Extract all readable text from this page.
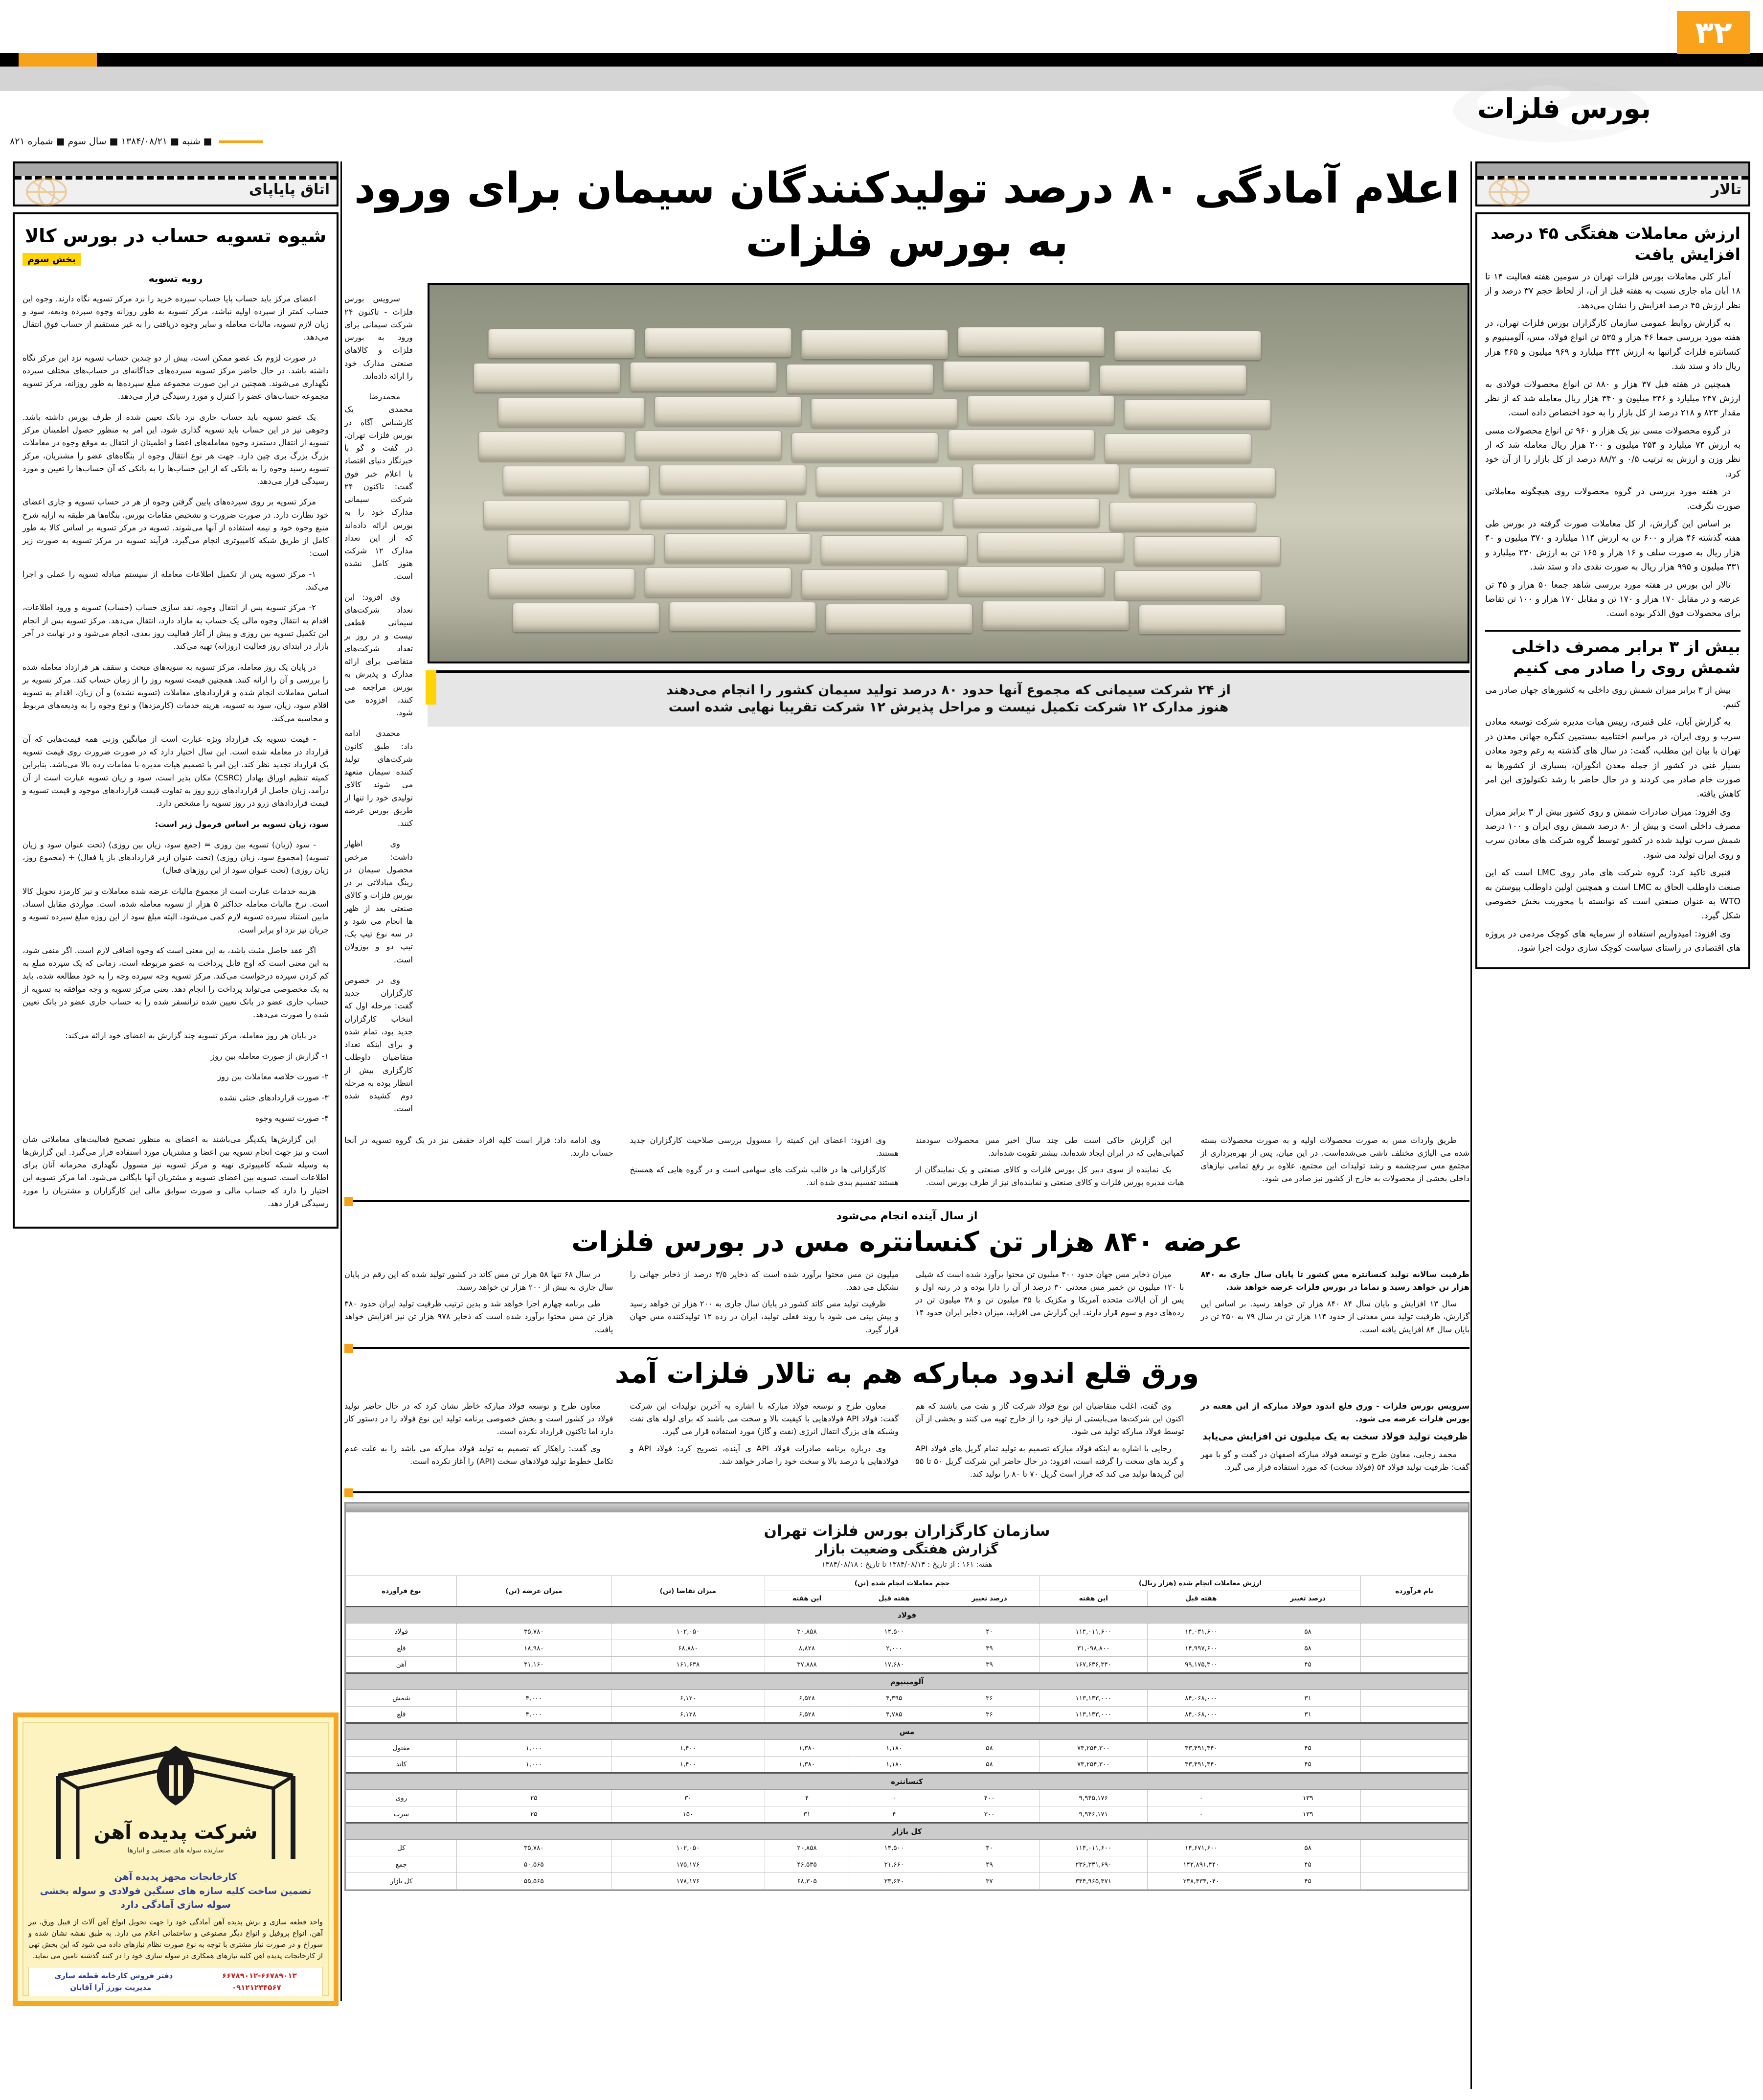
۳۲
بورس فلزات
■ شنبه ■ ۱۳۸۴/۰۸/۲۱ ■ سال سوم ■ شماره ۸۲۱
اتاق پایاپای
شیوه تسویه حساب در بورس کالا
بخش سوم
رویه تسویه

اعضای مرکز باید حساب پایا حساب سپرده خرید را نزد مرکز تسویه نگاه دارند. وجوه این حساب کمتر از سپرده اولیه نباشد، مرکز تسویه به طور روزانه وجوه سپرده ودیعه، سود و زیان لازم تسویه، مالیات معامله و سایر وجوه دریافتی را به غیر مستقیم از حساب فوق انتقال می‌دهد.

در صورت لزوم یک عضو ممکن است، بیش از دو چندین حساب تسویه نزد این مرکز نگاه داشته باشد. در حال حاضر مرکز تسویه سپرده‌های جداگانه‌ای در حساب‌های مختلف سپرده نگهداری می‌شوند. همچنین در این صورت مجموعه مبلغ سپرده‌ها به طور روزانه، مرکز تسویه مجموعه حساب‌های عضو را کنترل و مورد رسیدگی قرار می‌دهد.

یک عضو تسویه باید حساب جاری نزد بانک تعیین شده از طرف بورس داشته باشد. وجوهی نیز در این حساب باید تسویه گذاری شود، این امر به منظور حصول اطمینان مرکز تسویه از انتقال دستمزد وجوه معامله‌های اعضا و اطمینان از انتقال به موقع وجوه در معاملات بزرگ بزرگ بری چپن دارد. جهت هر نوع انتقال وجوه از بنگاه‌های عضو را مشتریان، مرکز تسویه رسید وجوه را به بانکی که از این حساب‌ها را به بانکی که آن حساب‌ها را تعیین و مورد رسیدگی قرار می‌دهد.

مرکز تسویه بر روی سپرده‌های پایین گرفتن وجوه از هر در حساب تسویه و جاری اعضای خود نظارت دارد. در صورت ضرورت و تشخیص مقامات بورس، بنگاه‌ها هر طبقه به ارایه شرح منبع وجوه خود و نیمه استفاده از آنها می‌شوند. تسویه در مرکز تسویه بر اساس کالا به طور کامل از طریق شبکه کامپیوتری انجام می‌گیرد. فرآیند تسویه در مرکز تسویه به صورت زیر است:

۱- مرکز تسویه پس از تکمیل اطلاعات معامله از سیستم مبادله تسویه را عملی و اجرا می‌کند.

۲- مرکز تسویه پس از انتقال وجوه، نقد سازی حساب (حساب) تسویه و ورود اطلاعات، اقدام به انتقال وجوه مالی یک حساب به مازاد دارد، انتقال می‌دهد. مرکز تسویه پس از انجام این تکمیل تسویه بین روزی و پیش از آغاز فعالیت روز بعدی، انجام می‌شود و در نهایت در آخر بازار در ابتدای روز فعالیت (روزانه) تهیه می‌کند.

در پایان یک روز معامله، مرکز تسویه به سویه‌های مبحث و سقف هر قرارداد معامله شده را بررسی و آن را ارائه کنند. همچنین قیمت تسویه روز را از زمان حساب کند. مرکز تسویه بر اساس معاملات انجام شده و قراردادهای معاملات (تسویه نشده) و آن زیان، اقدام به تسویه اقلام سود، زیان، سود به تسویه، هزینه خدمات (کارمزدها) و نوع وجوه را به ودیعه‌های مربوط و محاسبه می‌کند.

- قیمت تسویه یک قرارداد ویژه عبارت است از میانگین وزنی همه قیمت‌هایی که آن قرارداد در معامله شده است. این سال اختیار دارد که در صورت ضرورت روی قیمت تسویه یک قرارداد تجدید نظر کند. این امر با تصمیم هیات مدیره با مقامات رده بالا می‌باشد. بنابراین کمیته تنظیم اوراق بهادار (CSRC) مکان پذیر است، سود و زیان تسویه عبارت است از آن درآمد، زیان حاصل از قراردادهای زرو روز به تفاوت قیمت قراردادهای موجود و قیمت تسویه و قیمت قراردادهای زرو در روز تسویه را مشخص دارد.

سود، زیان تسویه بر اساس فرمول زیر است:

- سود (زیان) تسویه بین روزی = (جمع سود، زیان بین روزی) (تحت عنوان سود و زیان تسویه) (مجموع سود، زیان روزی) (تحت عنوان ازدر قراردادهای باز یا فعال) + (مجموع روز، زیان روزی) (تحت عنوان سود از این روزهای فعال)

هزینه خدمات عبارت است از مجموع مالیات عرضه شده معاملات و نیز کارمزد تحویل کالا است. نرخ مالیات معامله حداکثر ۵ هزار از تسویه معامله شده، است. مواردی مقابل استناد، مابین استناد سپرده تسویه لازم کمی می‌شود، البته مبلغ سود از این روزه مبلغ سپرده تسویه و جریان نیز نزد او برابر است.

اگر عقد حاصل مثبت باشد، به این معنی است که وجوه اضافی لازم است. اگر منفی شود، به این معنی است که اوج قابل پرداخت به عضو مربوطه است، زمانی که یک سپرده مبلغ به کم کردن سپرده درخواست می‌کند. مرکز تسویه وجه سپرده وجه را به خود مطالعه شده، باید به یک مخصوصی می‌تواند پرداخت را انجام دهد. یعنی مرکز تسویه و وجه موافقه به تسویه از حساب جاری عضو در بانک تعیین شده ترانسفر شده را به حساب جاری عضو در بانک تعیین شده را صورت می‌دهد.

در پایان هر روز معامله، مرکز تسویه چند گزارش به اعضای خود ارائه می‌کند:

۱- گزارش از صورت معامله بین روز

۲- صورت خلاصه معاملات بین روز

۳- صورت قراردادهای خنثی نشده

۴- صورت تسویه وجوه

این گزارش‌ها یکدیگر می‌باشند به اعضای به منظور تصحیح فعالیت‌های معاملاتی شان است و نیز جهت انجام تسویه بین اعضا و مشتریان مورد استفاده قرار می‌گیرد. این گزارش‌ها به وسیله شبکه کامپیوتری تهیه و مرکز تسویه نیز مسوول نگهداری محرمانه آنان برای اطلاعات است. تسویه بین اعضای تسویه و مشتریان آنها بایگانی می‌شود. اما مرکز تسویه این اختیار را دارد که حساب مالی و صورت سوابق مالی این کارگزاران و مشتریان را مورد رسیدگی قرار دهد.

شرکت پدیده آهن
سازنده سوله های صنعتی و انبارها
کارخانجات مجهز پدیده آهن
تضمین ساخت کلیه سازه های سنگین فولادی و سوله بخشی
سوله سازی آمادگی دارد
واحد قطعه سازی و برش پدیده آهن آمادگی خود را جهت تحویل انواع آهن آلات از قبیل ورق، تیر آهن، انواع پروفیل و انواع دیگر مصنوعی و ساختمانی اعلام می دارد. به طبق نقشه نشان شده و سوراخ و در صورت نیاز مشتری با توجه به نوع صورت نظام نیازهای داده می شود که این بخش تهی از کارخانجات پدیده آهن کلیه نیازهای همکاری در سوله سازی خود را در کنند گذشته تامین می نماید.
۶۶۷۸۹۰۱۲-۶۶۷۸۹۰۱۳
دفتر فروش کارخانه قطعه سازی
۰۹۱۲۱۲۳۴۵۶۷
مدیریت بورز آرا آقایان
اعلام آمادگی ۸۰ درصد تولیدکنندگان سیمان برای ورود به بورس فلزات

از ۲۴ شرکت سیمانی که مجموع آنها حدود ۸۰ درصد تولید سیمان کشور را انجام می‌دهند

هنوز مدارک ۱۲ شرکت تکمیل نیست و مراحل پذیرش ۱۲ شرکت تقریبا نهایی شده است

سرویس بورس فلزات - تاکنون ۲۴ شرکت سیمانی برای ورود به بورس فلزات و کالاهای صنعتی مدارک خود را ارائه داده‌اند.

محمدرضا محمدی یک کارشناس آگاه در بورس فلزات تهران، در گفت و گو با خبرنگار دنیای اقتصاد با اعلام خبر فوق گفت: تاکنون ۲۴ شرکت سیمانی مدارک خود را به بورس ارائه داده‌اند که از این تعداد مدارک ۱۲ شرکت هنوز کامل نشده است.

وی افزود: این تعداد شرکت‌های سیمانی قطعی نیست و در روز بر تعداد شرکت‌های متقاضی برای ارائه مدارک و پذیرش به بورس مراجعه می کنند، افزوده می شود.

محمدی ادامه داد: طبق کانون شرکت‌های تولید کننده سیمان متعهد می شوند کالای تولیدی خود را تنها از طریق بورس عرضه کنند.

وی اظهار داشت: مرخص محصول سیمان در رینگ مبادلاتی بر در بورس فلزات و کالای صنعتی بعد از ظهر ها انجام می شود و در سه نوع تیپ یک، تیپ دو و پوزولان است.

وی در خصوص کارگزاران جدید گفت: مرحله اول که انتخاب کارگزاران جدید بود، تمام شده و برای اینکه تعداد متقاضیان داوطلب کارگزاری بیش از انتظار بوده به مرحله دوم کشیده شده است.

طریق واردات مس به صورت محصولات اولیه و به صورت محصولات بسته شده می الیاژی مختلف ناشی می‌شده‌است. در این میان، پس از بهره‌برداری از مجتمع مس سرچشمه و رشد تولیدات این مجتمع، علاوه بر رفع تمامی نیازهای داخلی بخشی از محصولات به خارج از کشور نیز صادر می شود.

این گزارش حاکی است طی چند سال اخیر مس محصولات سودمند کمپانی‌هایی که در ایران ایجاد شده‌اند، بیشتر تقویت شده‌اند.

یک نماینده از سوی دبیر کل بورس فلزات و کالای صنعتی و یک نمایندگان از هیات مدیره بورس فلزات و کالای صنعتی و نماینده‌ای نیز از طرف بورس است.

وی افزود: اعضای این کمیته را مسوول بررسی صلاحیت کارگزاران جدید هستند.

کارگزارانی ها در قالب شرکت های سهامی است و در گروه هایی که همسنخ هستند تقسیم بندی شده اند.

وی ادامه داد: قرار است کلیه افراد حقیقی نیز در یک گروه تسویه در آنجا حساب دارند.

از سال آینده انجام می‌شود
عرضه ۸۴۰ هزار تن کنسانتره مس در بورس فلزات

ظرفیت سالانه تولید کنسانتره مس کشور تا پایان سال جاری به ۸۴۰ هزار تن خواهد رسید و تماما در بورس فلزات عرضه خواهد شد.

سال ۱۳ افزایش و پایان سال ۸۴ ۸۴۰ هزار تن خواهد رسید. بر اساس این گزارش، ظرفیت تولید مس معدنی از حدود ۱۱۴ هزار تن در سال ۷۹ به ۲۵۰ تن در پایان سال ۸۴ افزایش یافته است.

میزان ذخایر مس جهان حدود ۴۰۰ میلیون تن محتوا برآورد شده است که شیلی با ۱۲۰ میلیون تن خمیر مس معدنی ۳۰ درصد از آن را دارا بوده و در رتبه اول و پس از آن ایالات متحده آمریکا و مکزیک با ۳۵ میلیون تن و ۳۸ میلیون تن در رده‌های دوم و سوم قرار دارند. این گزارش می افزاید، میزان ذخایر ایران حدود ۱۴ میلیون تن مس محتوا برآورد شده است که ذخایر ۳/۵ درصد از ذخایر جهانی را تشکیل می دهد.

ظرفیت تولید مس کاتد کشور در پایان سال جاری به ۲۰۰ هزار تن خواهد رسید و پیش بینی می شود با روند فعلی تولید، ایران در رده ۱۲ تولیدکننده مس جهان قرار گیرد.

در سال ۶۸ تنها ۵۸ هزار تن مس کاتد در کشور تولید شده که این رقم در پایان سال جاری به بیش از ۲۰۰ هزار تن خواهد رسید.

طی برنامه چهارم اجرا خواهد شد و بدین ترتیب ظرفیت تولید ایران حدود ۳۸۰ هزار تن مس محتوا برآورد شده است که ذخایر ۹۷۸ هزار تن نیز افزایش خواهد یافت.

ورق قلع اندود مبارکه هم به تالار فلزات آمد

سرویس بورس فلزات - ورق قلع اندود فولاد مبارکه از این هفته در بورس فلزات عرضه می شود.

ظرفیت تولید فولاد سخت به یک میلیون تن افزایش می‌یابد

محمد رجایی، معاون طرح و توسعه فولاد مبارکه اصفهان در گفت و گو با مهر گفت: ظرفیت تولید فولاد ۵۴ (فولاد سخت) که مورد استفاده قرار می گیرد.

وی گفت، اغلب متقاضیان این نوع فولاد شرکت گاز و نفت می باشند که هم اکنون این شرکت‌ها می‌بایستی از نیاز خود را از خارج تهیه می کنند و بخشی از آن توسط فولاد مبارکه تولید می شود.

رجایی با اشاره به اینکه فولاد مبارکه تصمیم به تولید تمام گریل های فولاد API و گرید های سخت را گرفته است، افزود: در حال حاضر این شرکت گریل ۵۰ تا ۵۵ این گریدها تولید می کند که قرار است گریل ۷۰ تا ۸۰ را تولید کند.

معاون طرح و توسعه فولاد مبارکه با اشاره به آخرین تولیدات این شرکت گفت: فولاد API فولادهایی با کیفیت بالا و سخت می باشند که برای لوله های نفت وشبکه های بزرگ انتقال انرژی (نفت و گاز) مورد استفاده قرار می گیرد.

وی درباره برنامه صادرات فولاد API ی آینده، تصریح کرد: فولاد API و فولادهایی با درصد بالا و سخت خود را صادر خواهد شد.

معاون طرح و توسعه فولاد مبارکه خاطر نشان کرد که در حال حاضر تولید فولاد در کشور است و بخش خصوصی برنامه تولید این نوع فولاد را در دستور کار دارد اما تاکنون قرارداد نکرده است.

وی گفت: راهکار که تصمیم به تولید فولاد مبارکه می باشد را به علت عدم تکامل خطوط تولید فولادهای سخت (API) را آغاز نکرده است.

سازمان کارگزاران بورس فلزات تهران
گزارش هفتگی وضعیت بازار
هفته: ۱۶۱ : از تاریخ : ۱۳۸۴/۰۸/۱۴ تا تاریخ : ۱۳۸۴/۰۸/۱۸
نام فرآورده	ارزش معاملات انجام شده (هزار ریال)			حجم معاملات انجام شده (تن)			میزان تقاضا (تن)	میزان عرضه (تن)	نوع فرآورده
	درصد تغییر	هفته قبل	این هفته	درصد تغییر	هفته قبل	این هفته			
فولاد									
	۵۸	۱۴,۰۳۱,۶۰۰	۱۱۴,۰۱۱,۶۰۰	۴۰	۱۴,۵۰۰	۲۰,۸۵۸	۱۰۲,۰۵۰	۳۵,۷۸۰	فولاد
	۵۸	۱۴,۹۹۷,۶۰۰	۳۱,۰۹۸,۸۰۰	۴۹	۲,۰۰۰	۸,۸۲۸	۶۸,۸۸۰	۱۸,۹۸۰	قلع
	۴۵	۹۹,۱۷۵,۳۰۰	۱۶۷,۶۳۶,۳۴۰	۳۹	۱۷,۶۸۰	۳۷,۸۸۸	۱۶۱,۶۳۸	۴۱,۱۶۰	آهن
آلومینیوم									
	۳۱	۸۴,۰۶۸,۰۰۰	۱۱۳,۱۳۳,۰۰۰	۳۶	۴,۳۹۵	۶,۵۲۸	۶,۱۲۰	۴,۰۰۰	شمش
	۳۱	۸۴,۰۶۸,۰۰۰	۱۱۳,۱۳۳,۰۰۰	۳۶	۴,۷۸۵	۶,۵۲۸	۶,۱۲۸	۴,۰۰۰	قلع
مس									
	۴۵	۴۳,۴۹۱,۴۴۰	۷۴,۲۵۴,۳۰۰	۵۸	۱,۱۸۰	۱,۳۸۰	۱,۴۰۰	۱,۰۰۰	مفتول
	۴۵	۴۳,۴۹۱,۴۴۰	۷۴,۲۵۴,۳۰۰	۵۸	۱,۱۸۰	۱,۳۸۰	۱,۴۰۰	۱,۰۰۰	کاتد
کنسانتره									
	۱۳۹	۰	۹,۹۴۵,۱۷۶	۴۰۰	۰	۴	۳۰	۲۵	روی
	۱۳۹	۰	۹,۹۴۶,۱۷۱	۳۰۰	۴	۳۱	۱۵۰	۲۵	سرب
کل بازار									
	۵۸	۱۴,۶۷۱,۶۰۰	۱۱۴,۰۱۱,۶۰۰	۴۰	۱۴,۵۰۰	۲۰,۸۵۸	۱۰۲,۰۵۰	۳۵,۷۸۰	کل
	۴۵	۱۴۲,۸۹۱,۴۴۰	۲۳۶,۳۳۱,۶۹۰	۴۹	۲۱,۶۶۰	۴۶,۵۳۵	۱۷۵,۱۷۶	۵۰,۵۶۵	جمع
	۴۵	۲۳۸,۴۳۴,۰۴۰	۳۴۴,۹۶۵,۴۷۱	۳۷	۳۳,۶۴۰	۶۸,۳۰۵	۱۷۸,۱۷۶	۵۵,۵۶۵	کل بازار
تالار
ارزش معاملات هفتگی ۴۵ درصد افزایش یافت

آمار کلی معاملات بورس فلزات تهران در سومین هفته فعالیت ۱۴ تا ۱۸ آبان ماه جاری نسبت به هفته قبل از آن، از لحاظ حجم ۳۷ درصد و از نظر ارزش ۴۵ درصد افزایش را نشان می‌دهد.

به گزارش روابط عمومی سازمان کارگزاران بورس فلزات تهران، در هفته مورد بررسی جمعا ۴۶ هزار و ۵۳۵ تن انواع فولاد، مس، آلومینیوم و کنسانتره فلزات گرانبها به ارزش ۳۴۴ میلیارد و ۹۶۹ میلیون و ۴۶۵ هزار ریال داد و ستد شد.

همچنین در هفته قبل ۳۷ هزار و ۸۸۰ تن انواع محصولات فولادی به ارزش ۲۴۷ میلیارد و ۳۳۶ میلیون و ۳۴۰ هزار ریال معامله شد که از نظر مقدار ۸۲۳ و ۲۱۸ درصد از کل بازار را به خود اختصاص داده است.

در گروه محصولات مسی نیز یک هزار و ۹۶۰ تن انواع محصولات مسی به ارزش ۷۴ میلیارد و ۲۵۴ میلیون و ۲۰۰ هزار ریال معامله شد که از نظر وزن و ارزش به ترتیب ۰/۵ و ۸۸/۲ درصد از کل بازار را از آن خود کرد.

در هفته مورد بررسی در گروه محصولات روی هیچگونه معاملاتی صورت نگرفت.

بر اساس این گزارش، از کل معاملات صورت گرفته در بورس طی هفته گذشته ۴۶ هزار و ۶۰۰ تن به ارزش ۱۱۴ میلیارد و ۳۷۰ میلیون و ۴۰ هزار ریال به صورت سلف و ۱۶ هزار و ۱۶۵ تن به ارزش ۲۳۰ میلیارد و ۳۳۱ میلیون و ۹۹۵ هزار ریال به صورت نقدی داد و ستد شد.

تالار این بورس در هفته مورد بررسی شاهد جمعا ۵۰ هزار و ۴۵ تن عرضه و در مقابل ۱۷۰ هزار و ۱۷۰ تن و مقابل ۱۷۰ هزار و ۱۰۰ تن تقاضا برای محصولات فوق الذکر بوده است.

بیش از ۳ برابر مصرف داخلی شمش روی را صادر می کنیم

بیش از ۳ برابر میزان شمش روی داخلی به کشورهای جهان صادر می کنیم.

به گزارش آبان، علی قنبری، رییس هیات مدیره شرکت توسعه معادن سرب و روی ایران، در مراسم اختتامیه بیستمین کنگره جهانی معدن در تهران با بیان این مطلب، گفت: در سال های گذشته به رغم وجود معادن بسیار غنی در کشور از جمله معدن انگوران، بسیاری از کشورها به صورت خام صادر می کردند و در حال حاضر با رشد تکنولوژی این امر کاهش یافته.

وی افزود: میزان صادرات شمش و روی کشور بیش از ۳ برابر میزان مصرف داخلی است و بیش از ۸۰ درصد شمش روی ایران و ۱۰۰ درصد شمش سرب تولید شده در کشور توسط گروه شرکت های معادن سرب و روی ایران تولید می شود.

قنبری تاکید کرد: گروه شرکت های مادر روی LMC است که این صنعت داوطلب الحاق به LMC است و همچنین اولین داوطلب پیوستن به WTO به عنوان صنعتی است که توانسته با محوریت بخش خصوصی شکل گیرد.

وی افزود: امیدواریم استفاده از سرمایه های کوچک مردمی در پروژه های اقتصادی در راستای سیاست کوچک سازی دولت اجرا شود.
